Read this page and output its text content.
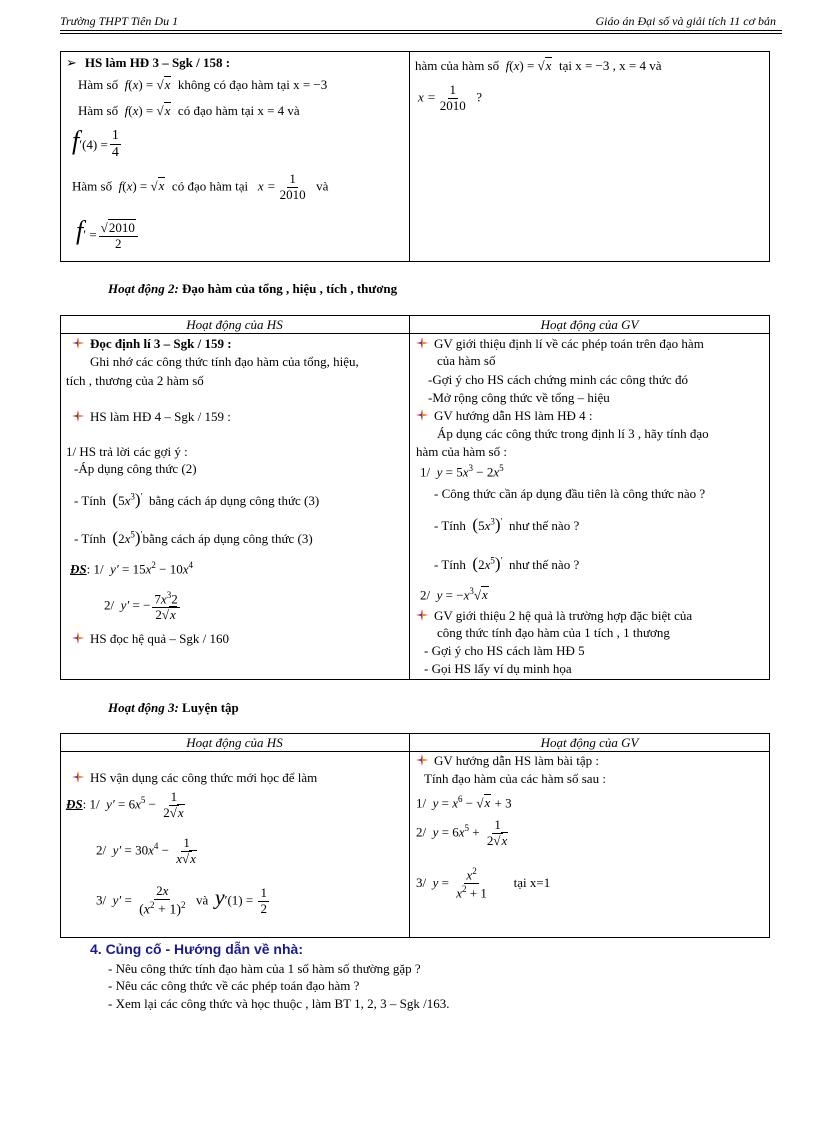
Trường THPT Tiên Du 1	Giáo án Đại số và giải tích 11 cơ bản
➢ HS làm HĐ 3 – Sgk / 158 :
Hàm số f(x) = √x không có đạo hàm tại x = −3
Hàm số f(x) = √x có đạo hàm tại x = 4 và
$f'(4) = \frac{1}{4}$
Hàm số f(x) = √x có đạo hàm tại $x = \frac{1}{2010}$ và
$f' = \frac{√2010}{2}$
hàm của hàm số f(x) = √x tại x = −3 , x = 4 và
$x = \frac{1}{2010}$ ?
Hoạt động 2: Đạo hàm của tổng , hiệu , tích , thương
Hoạt động của HS	Hoạt động của GV
Đọc định lí 3 – Sgk / 159 :
Ghi nhớ các công thức tính đạo hàm của tổng, hiệu,
tích , thương của 2 hàm số
HS làm HĐ 4 – Sgk / 159 :
1/ HS trả lời các gợi ý :
-Áp dụng công thức (2)
- Tính $(5x^3)'$ bằng cách áp dụng công thức (3)
- Tính $(2x^5)'bằng$ cách áp dụng công thức (3)
ĐS: 1/ $y' = 15x^2 - 10x^4$
2/ y′ = − $\frac{7x^32}{2√x}$
HS đọc hệ quả – Sgk / 160
GV giới thiệu định lí về các phép toán trên đạo hàm
của hàm số
-Gợi ý cho HS cách chứng minh các công thức đó
-Mở rộng công thức về tổng – hiệu
GV hướng dẫn HS làm HĐ 4 :
Áp dụng các công thức trong định lí 3 , hãy tính đạo
hàm của hàm số :
1/ $y = 5x^3 - 2x^5$
- Công thức cần áp dụng đầu tiên là công thức nào ?
- Tính $(5x^3)'$ như thế nào ?
- Tính $(2x^5)'$ như thế nào ?
2/ $y = -x^3√x$
GV giới thiệu 2 hệ quả là trường hợp đặc biệt của
công thức tính đạo hàm của 1 tích , 1 thương
- Gợi ý cho HS cách làm HĐ 5
- Gọi HS lấy ví dụ minh họa
Hoạt động 3: Luyện tập
Hoạt động của HS	Hoạt động của GV
HS vận dụng các công thức mới học để làm
ĐS: 1/ $y' = 6x^5 - \frac{1}{2√x}$
2/ $y' = 30x^4 - \frac{1}{x√x}$
3/ $y' = \frac{2x}{(x^2 + 1)^2}$ và $y'(1) = \frac{1}{2}$
GV hướng dẫn HS làm bài tập :
Tính đạo hàm của các hàm số sau :
1/ $y = x^6 - √x + 3$
2/ $y = 6x^5 + \frac{1}{2√x}$
3/ $y = \frac{x^2}{x^2 + 1}$ tại x=1
4. Củng cố - Hướng dẫn về nhà:
- Nêu công thức tính đạo hàm của 1 số hàm số thường gặp ?
- Nêu các công thức về các phép toán đạo hàm ?
- Xem lại các công thức và học thuộc , làm BT 1, 2, 3 – Sgk /163.
